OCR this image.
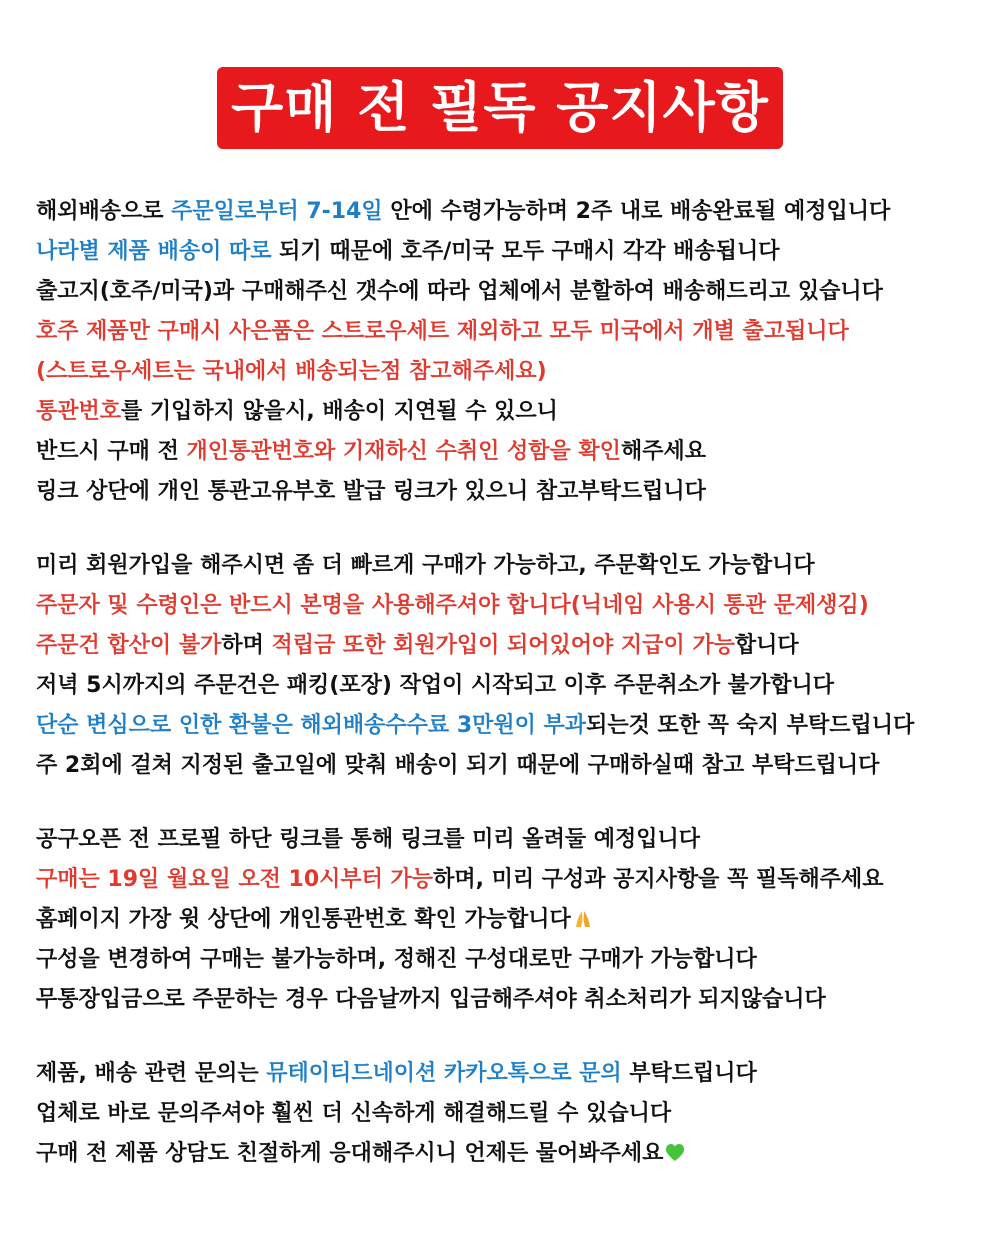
구매 전 필독 공지사항
해외배송으로 주문일로부터 7-14일 안에 수령가능하며 2주 내로 배송완료될 예정입니다
나라별 제품 배송이 따로 되기 때문에 호주/미국 모두 구매시 각각 배송됩니다
출고지(호주/미국)과 구매해주신 갯수에 따라 업체에서 분할하여 배송해드리고 있습니다
호주 제품만 구매시 사은품은 스트로우세트 제외하고 모두 미국에서 개별 출고됩니다
(스트로우세트는 국내에서 배송되는점 참고해주세요)
통관번호를 기입하지 않을시, 배송이 지연될 수 있으니
반드시 구매 전 개인통관번호와 기재하신 수취인 성함을 확인해주세요
링크 상단에 개인 통관고유부호 발급 링크가 있으니 참고부탁드립니다
미리 회원가입을 해주시면 좀 더 빠르게 구매가 가능하고, 주문확인도 가능합니다
주문자 및 수령인은 반드시 본명을 사용해주셔야 합니다(닉네임 사용시 통관 문제생김)
주문건 합산이 불가하며 적립금 또한 회원가입이 되어있어야 지급이 가능합니다
저녁 5시까지의 주문건은 패킹(포장) 작업이 시작되고 이후 주문취소가 불가합니다
단순 변심으로 인한 환불은 해외배송수수료 3만원이 부과되는것 또한 꼭 숙지 부탁드립니다
주 2회에 걸쳐 지정된 출고일에 맞춰 배송이 되기 때문에 구매하실때 참고 부탁드립니다
공구오픈 전 프로필 하단 링크를 통해 링크를 미리 올려둘 예정입니다
구매는 19일 월요일 오전 10시부터 가능하며, 미리 구성과 공지사항을 꼭 필독해주세요
홈페이지 가장 윗 상단에 개인통관번호 확인 가능합니다
구성을 변경하여 구매는 불가능하며, 정해진 구성대로만 구매가 가능합니다
무통장입금으로 주문하는 경우 다음날까지 입금해주셔야 취소처리가 되지않습니다
제품, 배송 관련 문의는 뮤테이티드네이션 카카오톡으로 문의 부탁드립니다
업체로 바로 문의주셔야 훨씬 더 신속하게 해결해드릴 수 있습니다
구매 전 제품 상담도 친절하게 응대해주시니 언제든 물어봐주세요
